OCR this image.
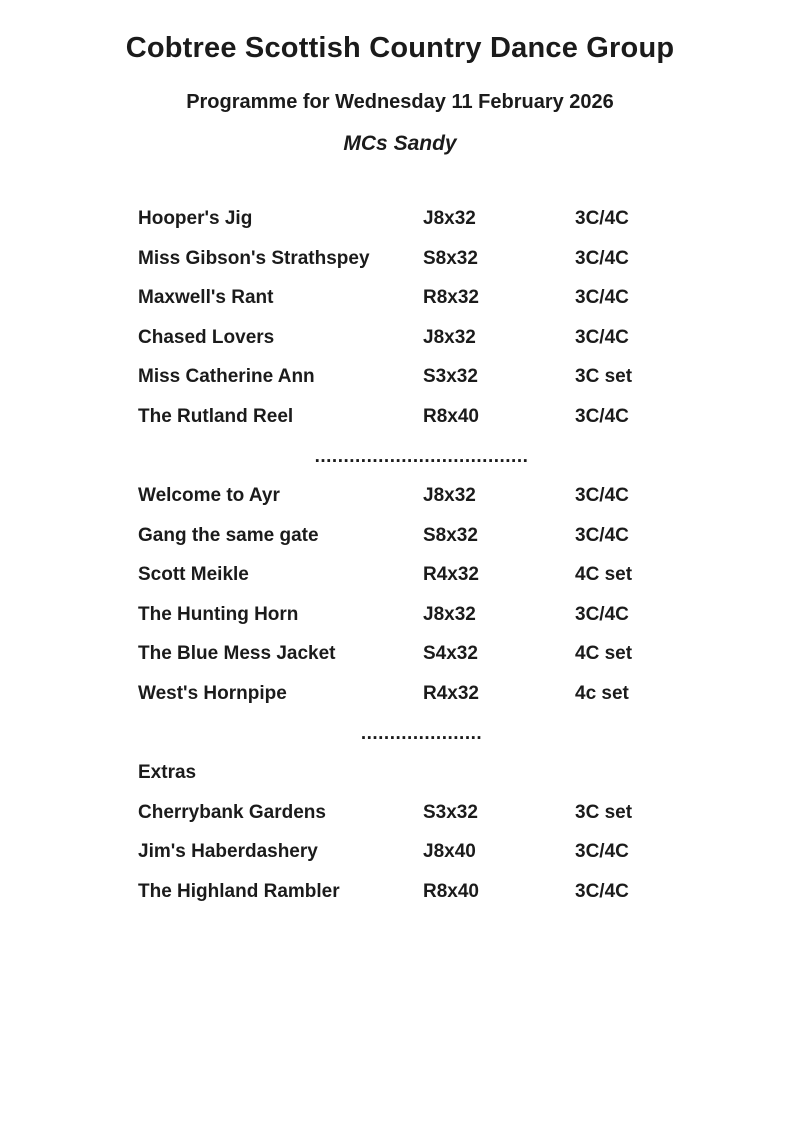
Cobtree Scottish Country Dance Group
Programme for Wednesday 11 February 2026
MCs Sandy
Hooper's Jig	J8x32	3C/4C
Miss Gibson's Strathspey	S8x32	3C/4C
Maxwell's Rant	R8x32	3C/4C
Chased Lovers	J8x32	3C/4C
Miss Catherine Ann	S3x32	3C set
The Rutland Reel	R8x40	3C/4C
.....................................
Welcome to Ayr	J8x32	3C/4C
Gang the same gate	S8x32	3C/4C
Scott Meikle	R4x32	4C set
The Hunting Horn	J8x32	3C/4C
The Blue Mess Jacket	S4x32	4C set
West's Hornpipe	R4x32	4c set
.....................
Extras
Cherrybank Gardens	S3x32	3C set
Jim's Haberdashery	J8x40	3C/4C
The Highland Rambler	R8x40	3C/4C
